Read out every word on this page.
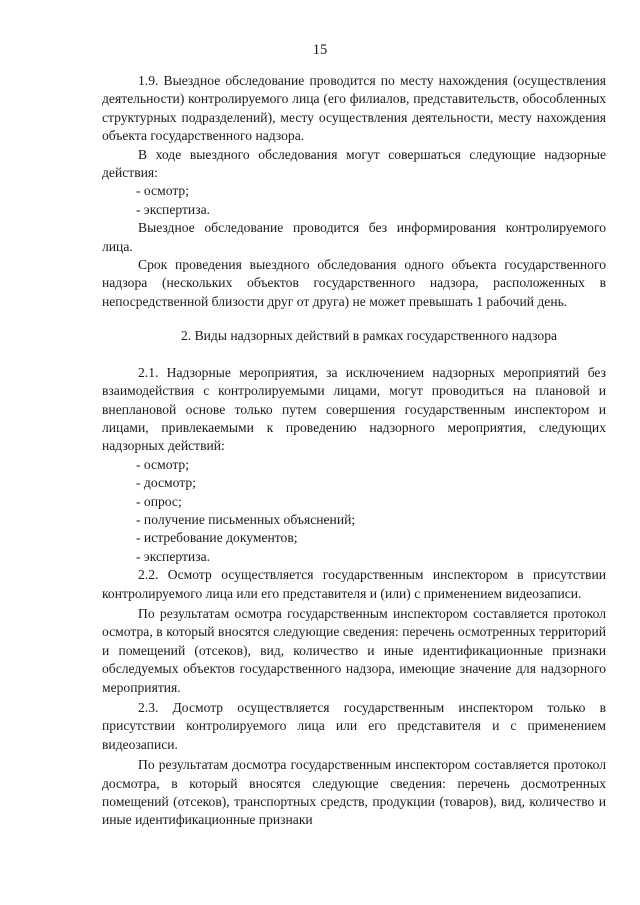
15

1.9. Выездное обследование проводится по месту нахождения (осуществления деятельности) контролируемого лица (его филиалов, представительств, обособленных структурных подразделений), месту осуществления деятельности, месту нахождения объекта государственного надзора.

В ходе выездного обследования могут совершаться следующие надзорные действия:

- осмотр;

- экспертиза.

Выездное обследование проводится без информирования контролируемого лица.

Срок проведения выездного обследования одного объекта государственного надзора (нескольких объектов государственного надзора, расположенных в непосредственной близости друг от друга) не может превышать 1 рабочий день.

2. Виды надзорных действий в рамках государственного надзора

2.1. Надзорные мероприятия, за исключением надзорных мероприятий без взаимодействия с контролируемыми лицами, могут проводиться на плановой и внеплановой основе только путем совершения государственным инспектором и лицами, привлекаемыми к проведению надзорного мероприятия, следующих надзорных действий:

- осмотр;

- досмотр;

- опрос;

- получение письменных объяснений;

- истребование документов;

- экспертиза.

2.2. Осмотр осуществляется государственным инспектором в присутствии контролируемого лица или его представителя и (или) с применением видеозаписи.

По результатам осмотра государственным инспектором составляется протокол осмотра, в который вносятся следующие сведения: перечень осмотренных территорий и помещений (отсеков), вид, количество и иные идентификационные признаки обследуемых объектов государственного надзора, имеющие значение для надзорного мероприятия.

2.3. Досмотр осуществляется государственным инспектором только в присутствии контролируемого лица или его представителя и с применением видеозаписи.

По результатам досмотра государственным инспектором составляется протокол досмотра, в который вносятся следующие сведения: перечень досмотренных помещений (отсеков), транспортных средств, продукции (товаров), вид, количество и иные идентификационные признаки
